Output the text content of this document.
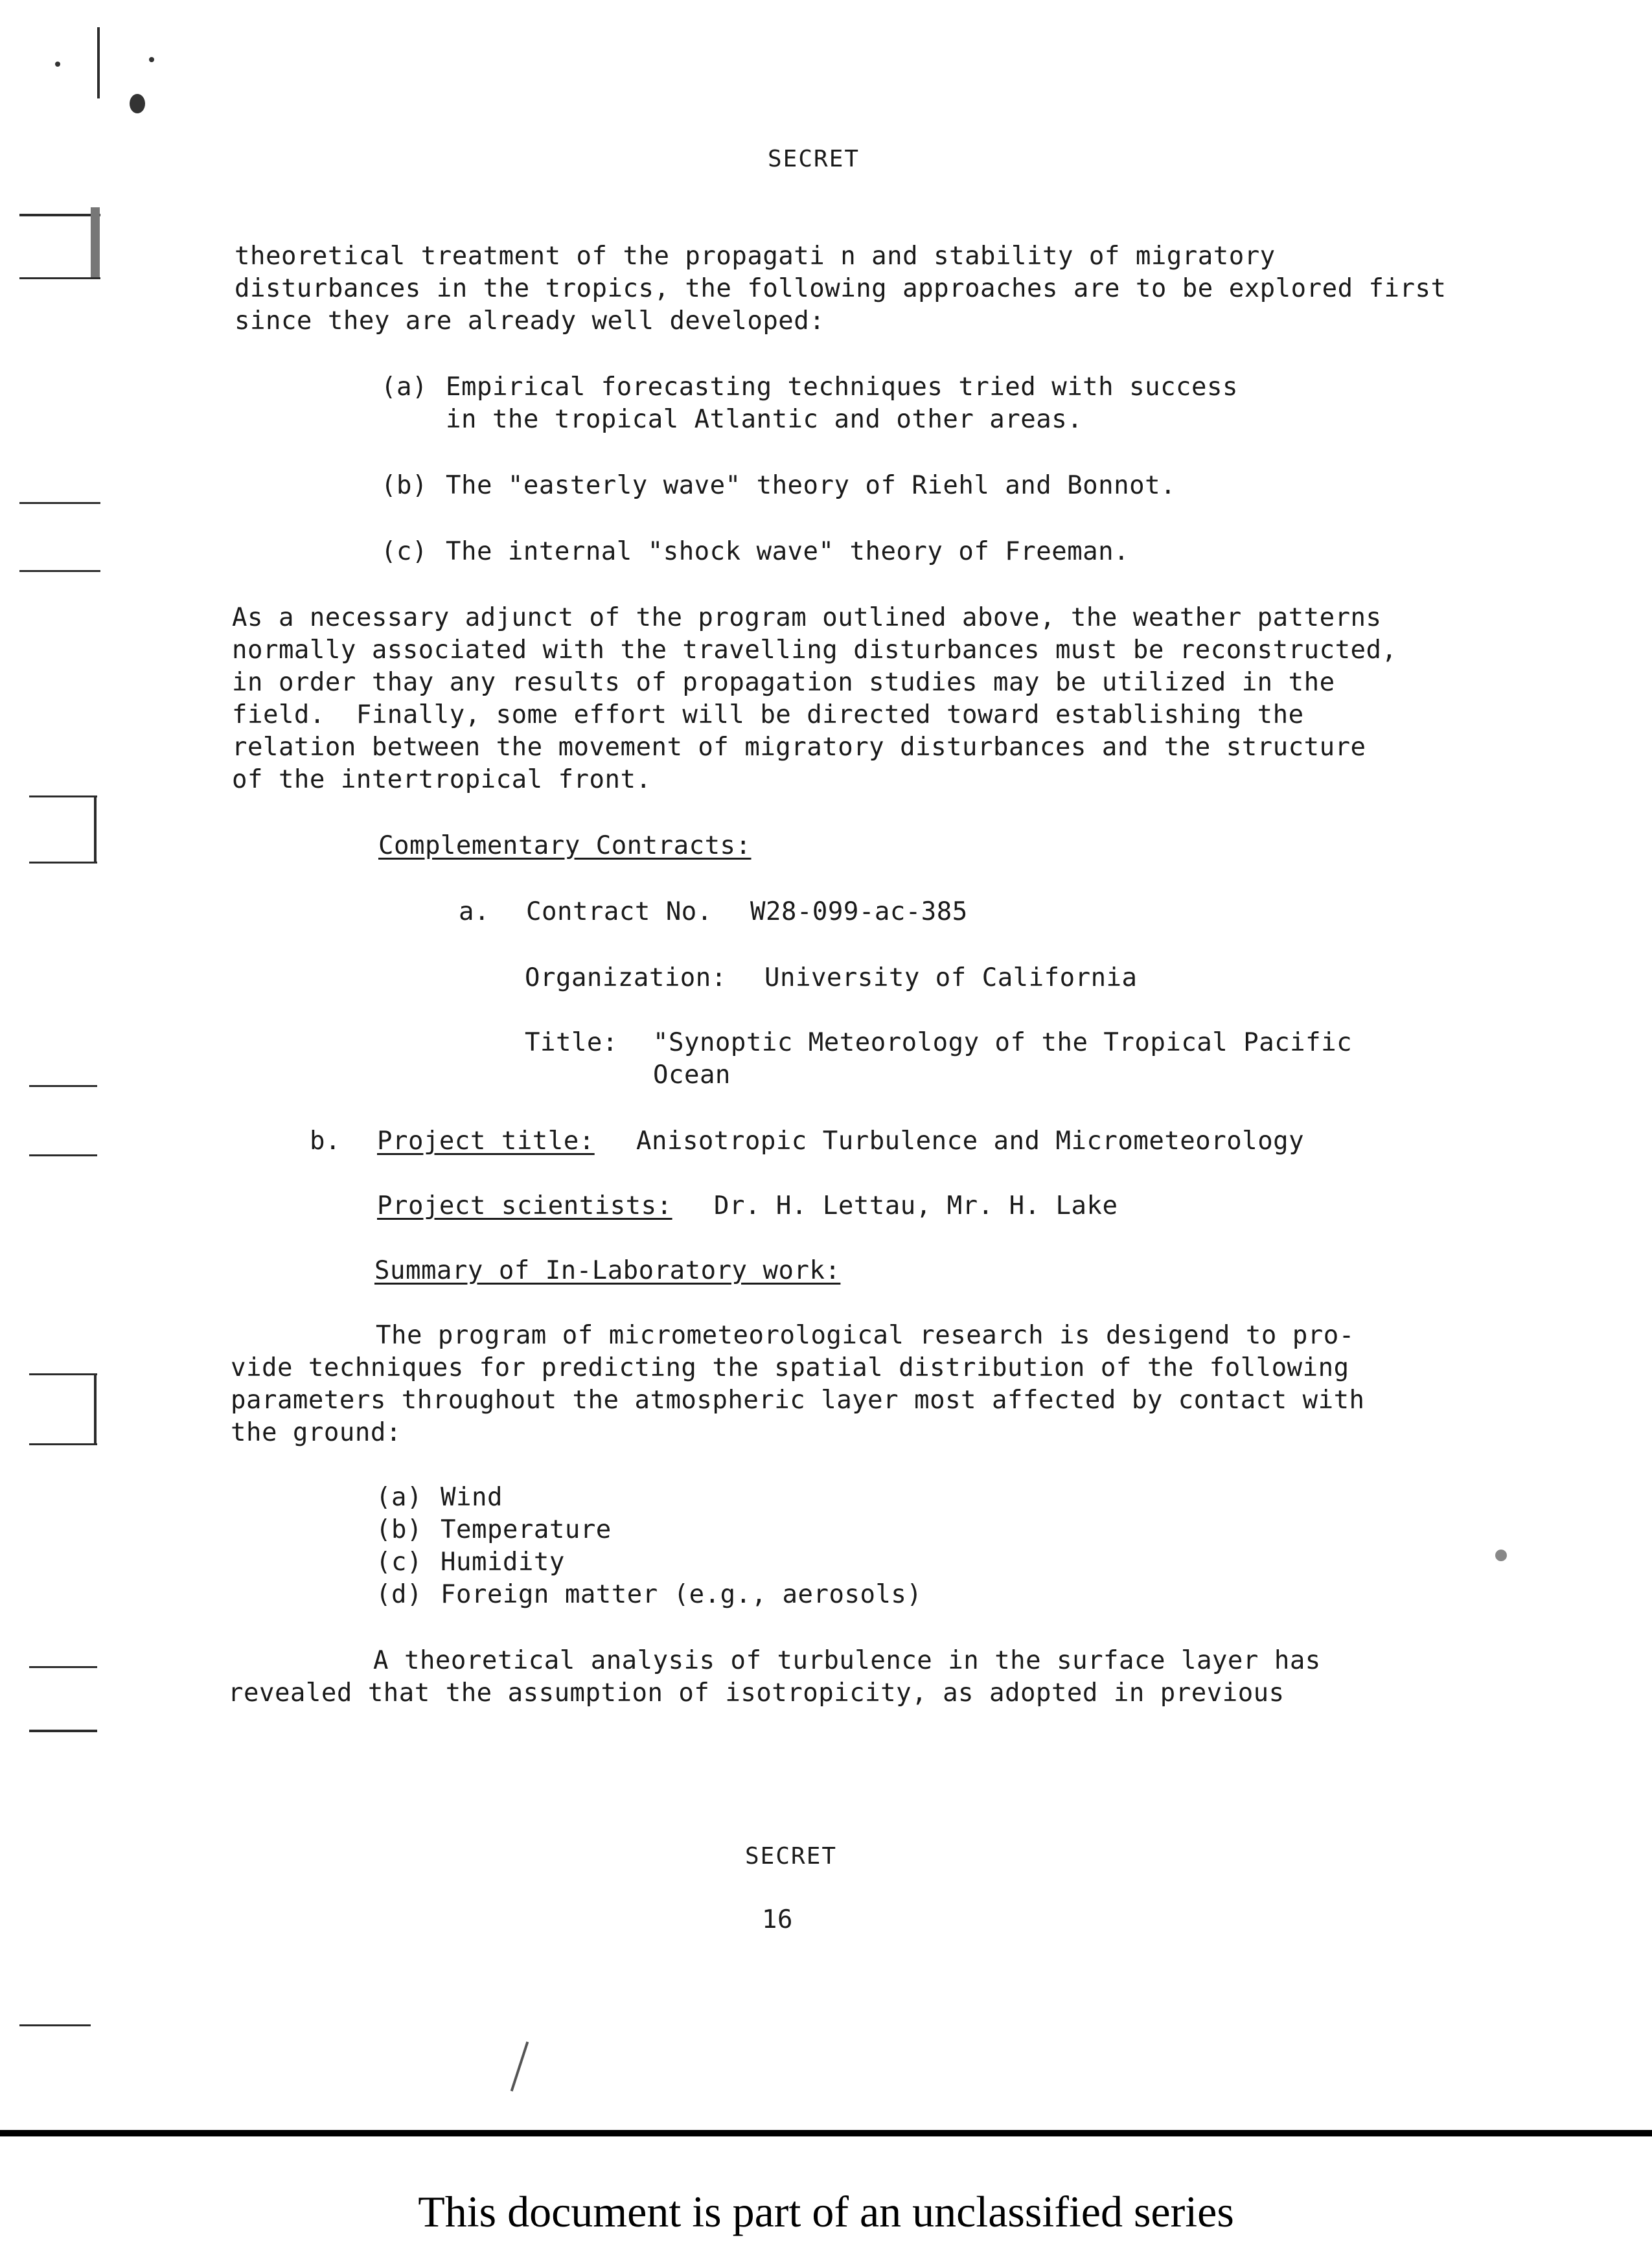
SECRET
theoretical treatment of the propagati n and stability of migratory
disturbances in the tropics, the following approaches are to be explored first
since they are already well developed:
(a) Empirical forecasting techniques tried with success
in the tropical Atlantic and other areas.
(b) The "easterly wave" theory of Riehl and Bonnot.
(c) The internal "shock wave" theory of Freeman.
As a necessary adjunct of the program outlined above, the weather patterns
normally associated with the travelling disturbances must be reconstructed,
in order thay any results of propagation studies may be utilized in the
field.  Finally, some effort will be directed toward establishing the
relation between the movement of migratory disturbances and the structure
of the intertropical front.
Complementary Contracts:
a. Contract No. W28-099-ac-385
Organization: University of California
Title: "Synoptic Meteorology of the Tropical Pacific
Ocean
b. Project title: Anisotropic Turbulence and Micrometeorology
Project scientists: Dr. H. Lettau, Mr. H. Lake
Summary of In-Laboratory work:
The program of micrometeorological research is desigend to pro-
vide techniques for predicting the spatial distribution of the following
parameters throughout the atmospheric layer most affected by contact with
the ground:
(a) Wind
(b) Temperature
(c) Humidity
(d) Foreign matter (e.g., aerosols)
A theoretical analysis of turbulence in the surface layer has
revealed that the assumption of isotropicity, as adopted in previous
SECRET
16
This document is part of an unclassified series
